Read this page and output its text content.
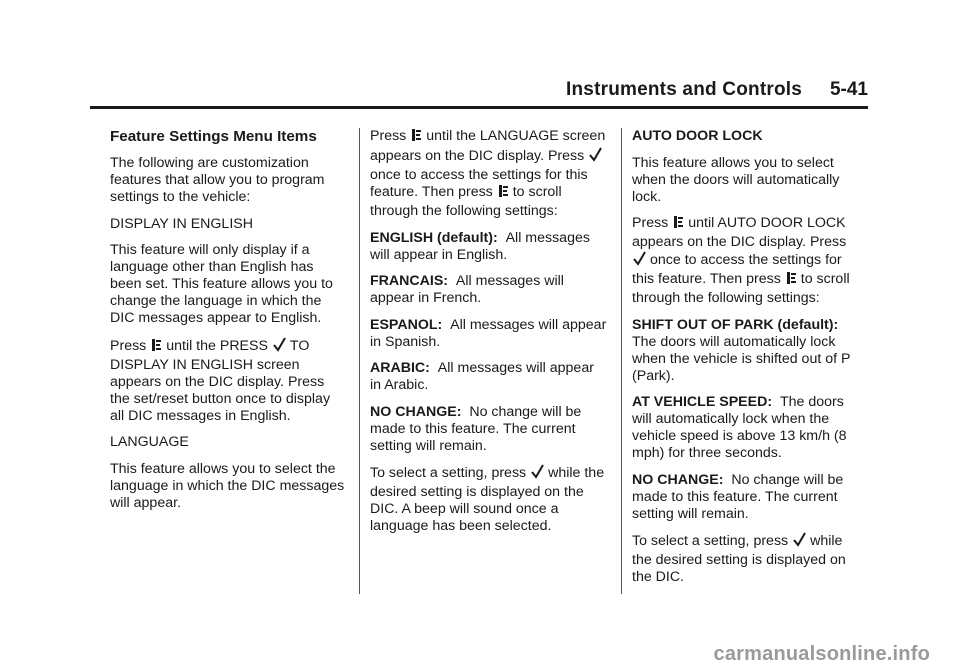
Instruments and Controls 5-41
Feature Settings Menu Items

The following are customization features that allow you to program settings to the vehicle:

DISPLAY IN ENGLISH

This feature will only display if a language other than English has been set. This feature allows you to change the language in which the DIC messages appear to English.

Press until the PRESS TO DISPLAY IN ENGLISH screen appears on the DIC display. Press the set/reset button once to display all DIC messages in English.

LANGUAGE

This feature allows you to select the language in which the DIC messages will appear.

Press until the LANGUAGE screen appears on the DIC display. Press once to access the settings for this feature. Then press to scroll through the following settings:

ENGLISH (default): All messages will appear in English.

FRANCAIS: All messages will appear in French.

ESPANOL: All messages will appear in Spanish.

ARABIC: All messages will appear in Arabic.

NO CHANGE: No change will be made to this feature. The current setting will remain.

To select a setting, press while the desired setting is displayed on the DIC. A beep will sound once a language has been selected.

AUTO DOOR LOCK

This feature allows you to select when the doors will automatically lock.

Press until AUTO DOOR LOCK appears on the DIC display. Press once to access the settings for this feature. Then press to scroll through the following settings:

SHIFT OUT OF PARK (default): The doors will automatically lock when the vehicle is shifted out of P (Park).

AT VEHICLE SPEED: The doors will automatically lock when the vehicle speed is above 13 km/h (8 mph) for three seconds.

NO CHANGE: No change will be made to this feature. The current setting will remain.

To select a setting, press while the desired setting is displayed on the DIC.

carmanualsonline.info
